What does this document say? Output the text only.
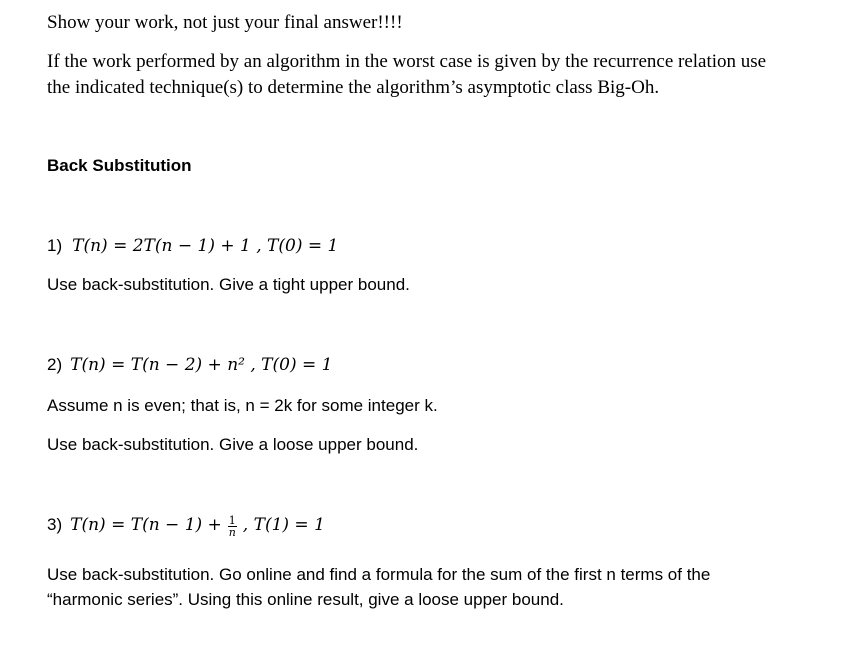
Show your work, not just your final answer!!!!
If the work performed by an algorithm in the worst case is given by the recurrence relation use
the indicated technique(s) to determine the algorithm’s asymptotic class Big-Oh.
Back Substitution
1) T(n) = 2T(n − 1) + 1 , T(0) = 1
Use back-substitution. Give a tight upper bound.
2) T(n) = T(n − 2) + n² , T(0) = 1
Assume n is even; that is, n = 2k for some integer k.
Use back-substitution. Give a loose upper bound.
3) $T(n) = T(n - 1) + \frac{1}{n}$ , T(1) = 1
Use back-substitution. Go online and find a formula for the sum of the first n terms of the
“harmonic series”. Using this online result, give a loose upper bound.
